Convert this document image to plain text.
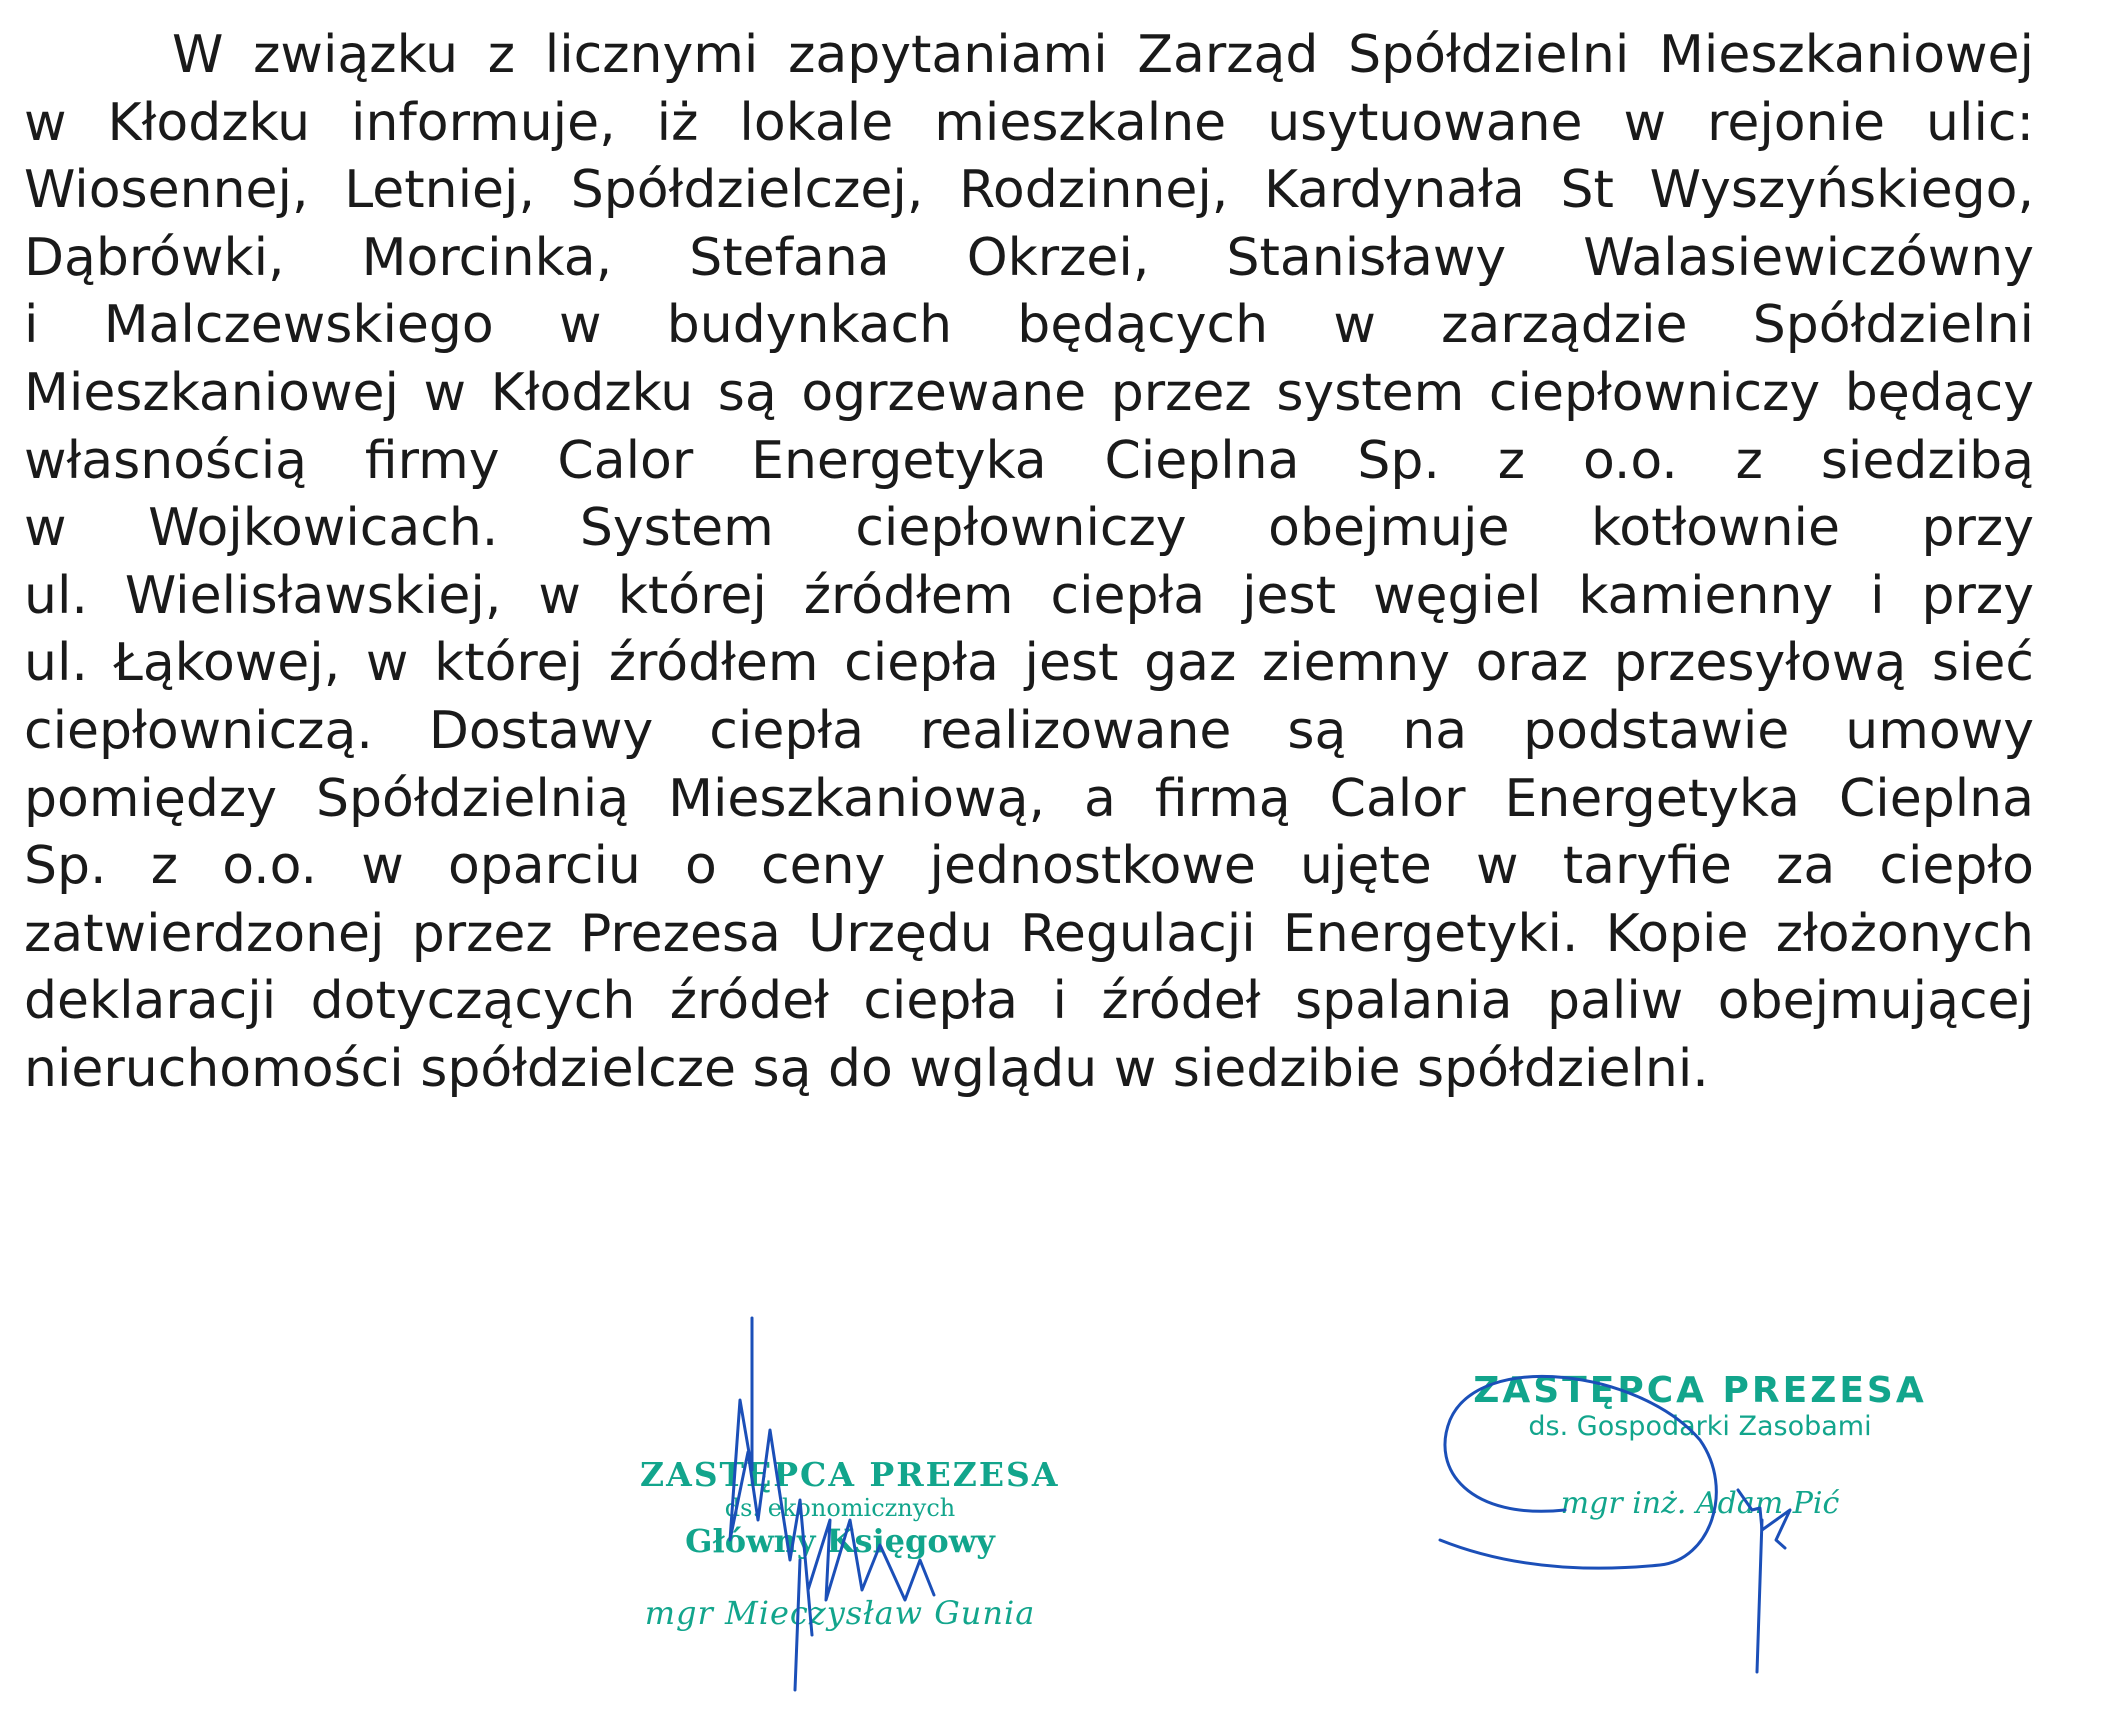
W związku z licznymi zapytaniami Zarząd Spółdzielni Mieszkaniowej
w Kłodzku informuje, iż lokale mieszkalne usytuowane w rejonie ulic:
Wiosennej, Letniej, Spółdzielczej, Rodzinnej, Kardynała St Wyszyńskiego,
Dąbrówki, Morcinka, Stefana Okrzei, Stanisławy Walasiewiczówny
i Malczewskiego w budynkach będących w zarządzie Spółdzielni
Mieszkaniowej w Kłodzku są ogrzewane przez system ciepłowniczy będący
własnością firmy Calor Energetyka Cieplna Sp. z o.o. z siedzibą
w Wojkowicach. System ciepłowniczy obejmuje kotłownie przy
ul. Wielisławskiej, w której źródłem ciepła jest węgiel kamienny i przy
ul. Łąkowej, w której źródłem ciepła jest gaz ziemny oraz przesyłową sieć
ciepłowniczą. Dostawy ciepła realizowane są na podstawie umowy
pomiędzy Spółdzielnią Mieszkaniową, a firmą Calor Energetyka Cieplna
Sp. z o.o. w oparciu o ceny jednostkowe ujęte w taryfie za ciepło
zatwierdzonej przez Prezesa Urzędu Regulacji Energetyki. Kopie złożonych
deklaracji dotyczących źródeł ciepła i źródeł spalania paliw obejmującej
nieruchomości spółdzielcze są do wglądu w siedzibie spółdzielni.
ZASTĘPCA PREZESA
ds. ekonomicznych
Główny Księgowy
mgr Mieczysław Gunia
ZASTĘPCA PREZESA
ds. Gospodarki Zasobami
mgr inż. Adam Pić
